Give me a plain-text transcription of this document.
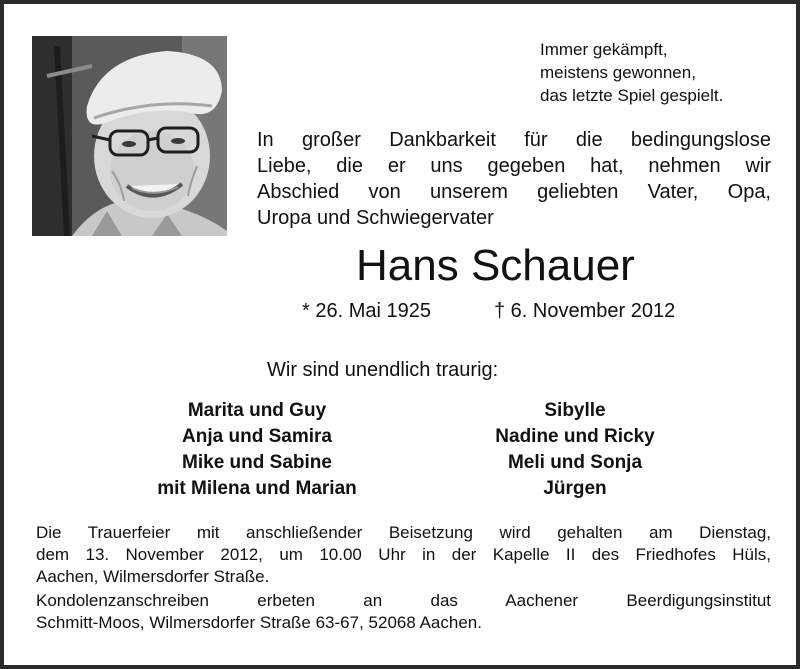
Immer gekämpft,
meistens gewonnen,
das letzte Spiel gespielt.
In großer Dankbarkeit für die bedingungslose
Liebe, die er uns gegeben hat, nehmen wir
Abschied von unserem geliebten Vater, Opa,
Uropa und Schwiegervater
Hans Schauer
* 26. Mai 1925	† 6. November 2012
Wir sind unendlich traurig:
Marita und Guy
Anja und Samira
Mike und Sabine
mit Milena und Marian
Sibylle
Nadine und Ricky
Meli und Sonja
Jürgen
Die Trauerfeier mit anschließender Beisetzung wird gehalten am Dienstag,
dem 13. November 2012, um 10.00 Uhr in der Kapelle II des Friedhofes Hüls,
Aachen, Wilmersdorfer Straße.
Kondolenzanschreiben erbeten an das Aachener Beerdigungsinstitut
Schmitt-Moos, Wilmersdorfer Straße 63-67, 52068 Aachen.
